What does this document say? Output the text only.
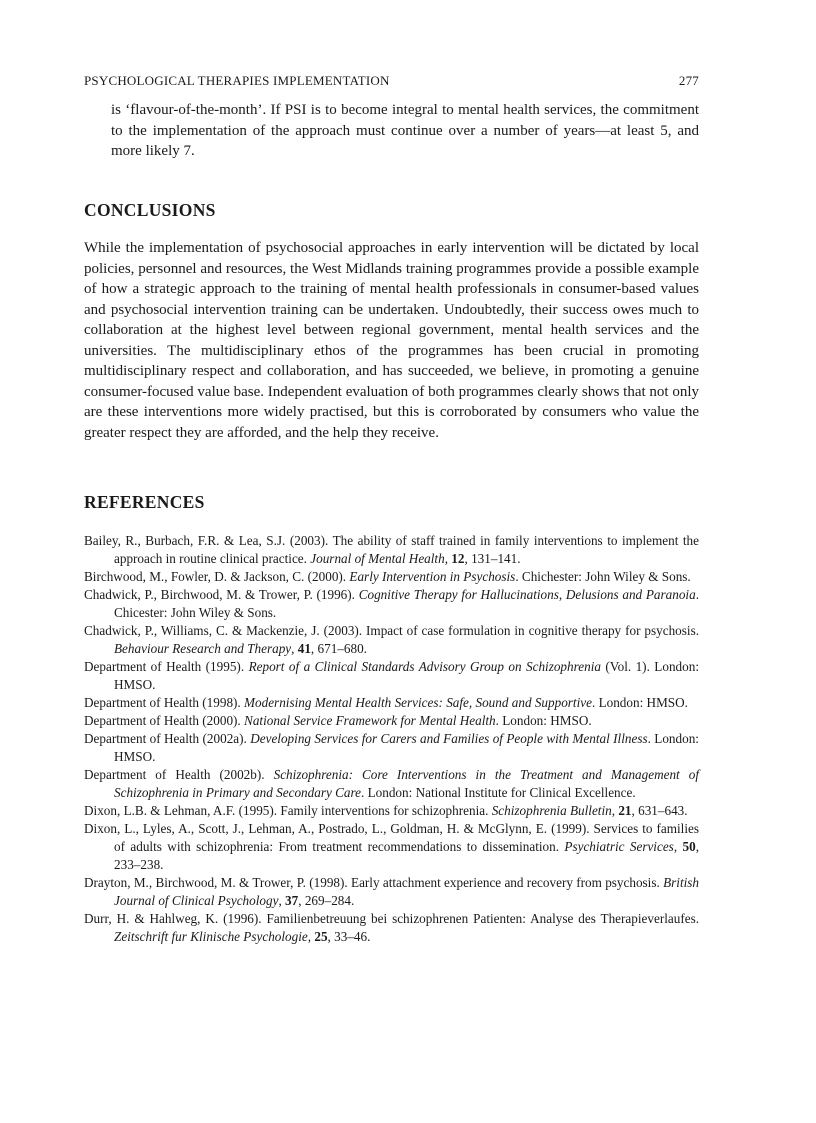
PSYCHOLOGICAL THERAPIES IMPLEMENTATION	277

is ‘flavour-of-the-month’. If PSI is to become integral to mental health services, the commitment to the implementation of the approach must continue over a number of years—at least 5, and more likely 7.

CONCLUSIONS

While the implementation of psychosocial approaches in early intervention will be dictated by local policies, personnel and resources, the West Midlands training programmes provide a possible example of how a strategic approach to the training of mental health professionals in consumer-based values and psychosocial intervention training can be undertaken. Undoubtedly, their success owes much to collaboration at the highest level between regional government, mental health services and the universities. The multidisciplinary ethos of the programmes has been crucial in promoting multidisciplinary respect and collaboration, and has succeeded, we believe, in promoting a genuine consumer-focused value base. Independent evaluation of both programmes clearly shows that not only are these interventions more widely practised, but this is corroborated by consumers who value the greater respect they are afforded, and the help they receive.

REFERENCES
Bailey, R., Burbach, F.R. & Lea, S.J. (2003). The ability of staff trained in family interventions to implement the approach in routine clinical practice. Journal of Mental Health, 12, 131–141.
Birchwood, M., Fowler, D. & Jackson, C. (2000). Early Intervention in Psychosis. Chichester: John Wiley & Sons.
Chadwick, P., Birchwood, M. & Trower, P. (1996). Cognitive Therapy for Hallucinations, Delusions and Paranoia. Chicester: John Wiley & Sons.
Chadwick, P., Williams, C. & Mackenzie, J. (2003). Impact of case formulation in cognitive therapy for psychosis. Behaviour Research and Therapy, 41, 671–680.
Department of Health (1995). Report of a Clinical Standards Advisory Group on Schizophrenia (Vol. 1). London: HMSO.
Department of Health (1998). Modernising Mental Health Services: Safe, Sound and Supportive. London: HMSO.
Department of Health (2000). National Service Framework for Mental Health. London: HMSO.
Department of Health (2002a). Developing Services for Carers and Families of People with Mental Illness. London: HMSO.
Department of Health (2002b). Schizophrenia: Core Interventions in the Treatment and Management of Schizophrenia in Primary and Secondary Care. London: National Institute for Clinical Excellence.
Dixon, L.B. & Lehman, A.F. (1995). Family interventions for schizophrenia. Schizophrenia Bulletin, 21, 631–643.
Dixon, L., Lyles, A., Scott, J., Lehman, A., Postrado, L., Goldman, H. & McGlynn, E. (1999). Services to families of adults with schizophrenia: From treatment recommendations to dissemination. Psychiatric Services, 50, 233–238.
Drayton, M., Birchwood, M. & Trower, P. (1998). Early attachment experience and recovery from psychosis. British Journal of Clinical Psychology, 37, 269–284.
Durr, H. & Hahlweg, K. (1996). Familienbetreuung bei schizophrenen Patienten: Analyse des Therapieverlaufes. Zeitschrift fur Klinische Psychologie, 25, 33–46.
